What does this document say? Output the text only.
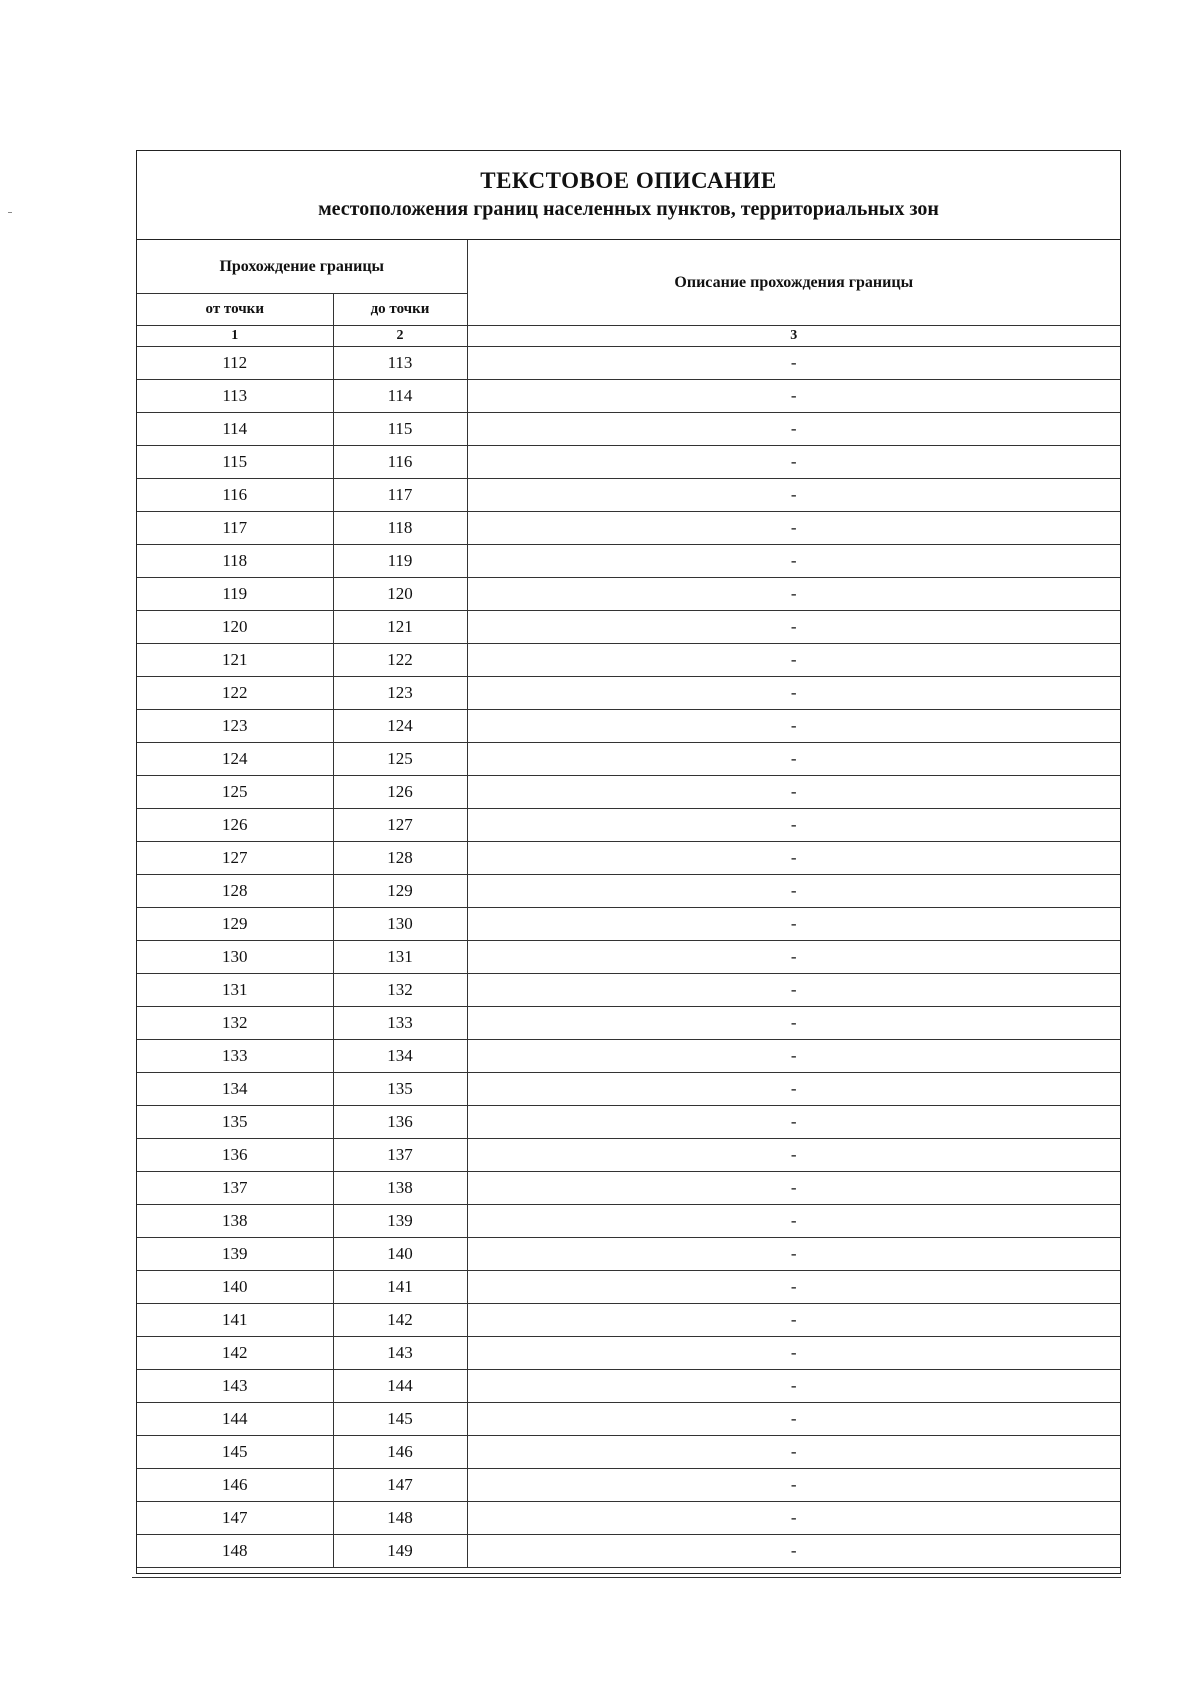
ТЕКСТОВОЕ ОПИСАНИЕ
местоположения границ населенных пунктов, территориальных зон
Прохождение границы		Описание прохождения границы
от точки	до точки	
1	2	3
112	113	-
113	114	-
114	115	-
115	116	-
116	117	-
117	118	-
118	119	-
119	120	-
120	121	-
121	122	-
122	123	-
123	124	-
124	125	-
125	126	-
126	127	-
127	128	-
128	129	-
129	130	-
130	131	-
131	132	-
132	133	-
133	134	-
134	135	-
135	136	-
136	137	-
137	138	-
138	139	-
139	140	-
140	141	-
141	142	-
142	143	-
143	144	-
144	145	-
145	146	-
146	147	-
147	148	-
148	149	-
